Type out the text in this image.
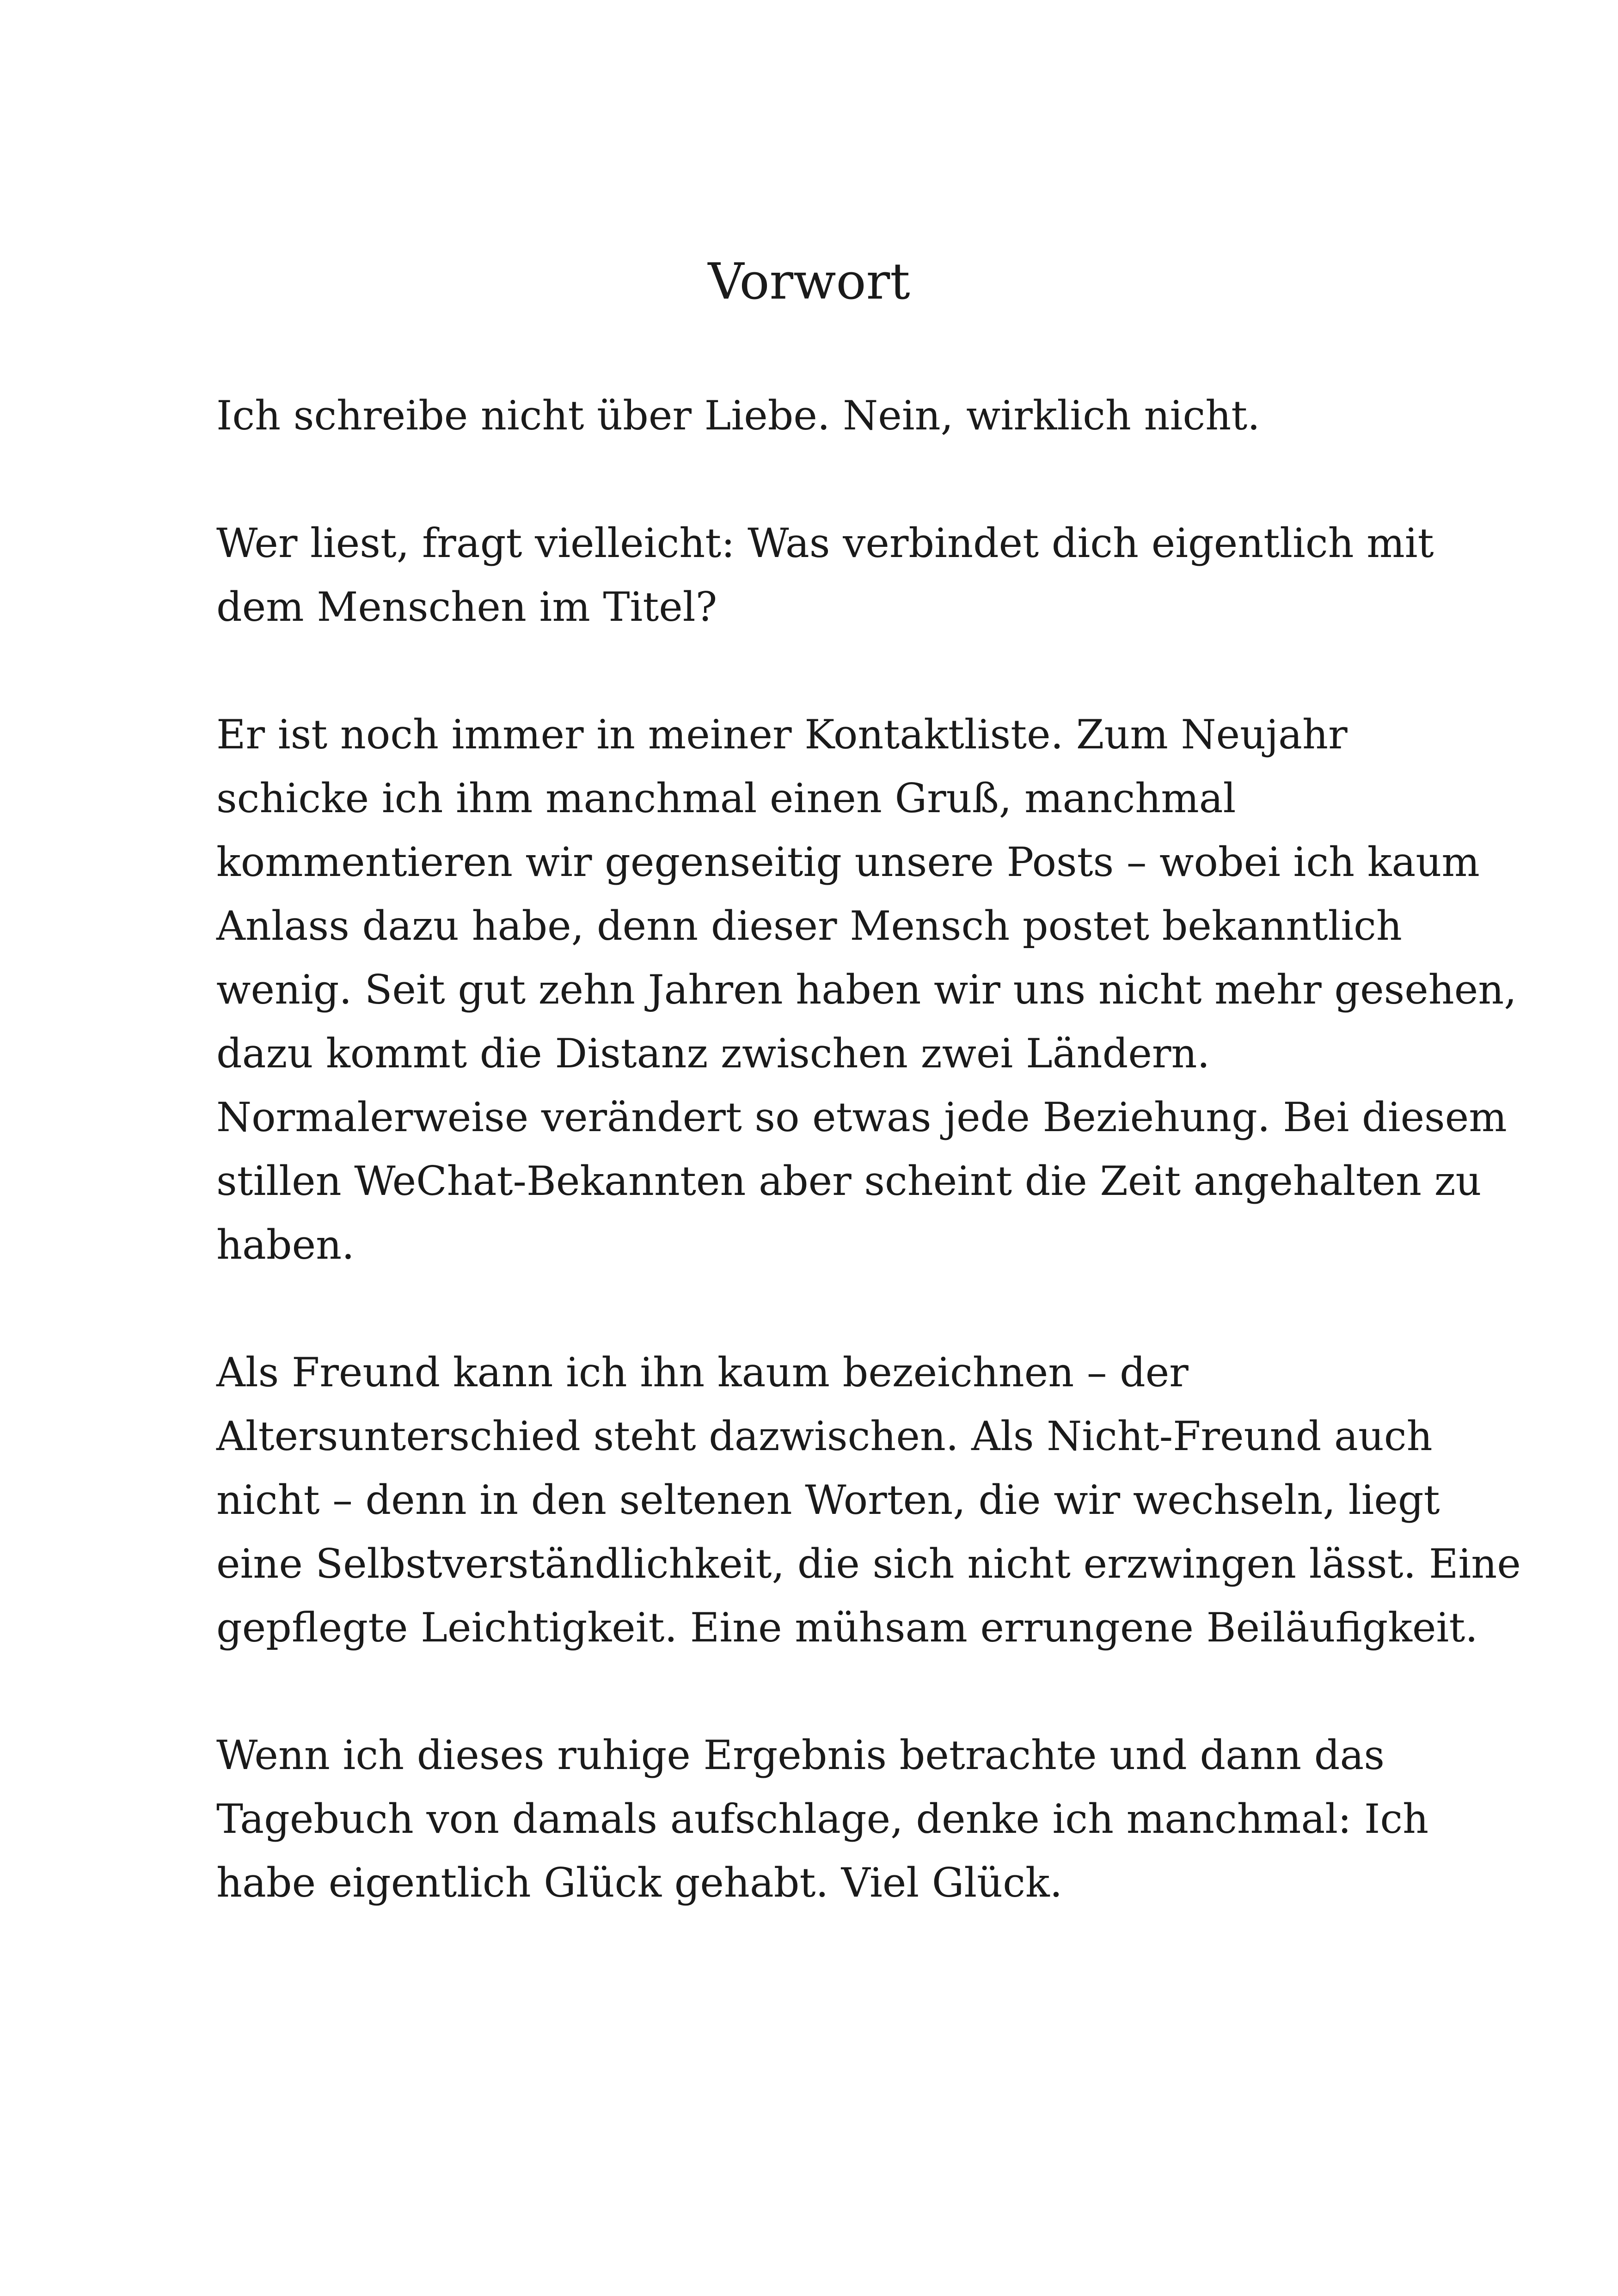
Vorwort

Ich schreibe nicht über Liebe. Nein, wirklich nicht.

Wer liest, fragt vielleicht: Was verbindet dich eigentlich mit
dem Menschen im Titel?

Er ist noch immer in meiner Kontaktliste. Zum Neujahr
schicke ich ihm manchmal einen Gruß, manchmal
kommentieren wir gegenseitig unsere Posts – wobei ich kaum
Anlass dazu habe, denn dieser Mensch postet bekanntlich
wenig. Seit gut zehn Jahren haben wir uns nicht mehr gesehen,
dazu kommt die Distanz zwischen zwei Ländern.
Normalerweise verändert so etwas jede Beziehung. Bei diesem
stillen WeChat-Bekannten aber scheint die Zeit angehalten zu
haben.

Als Freund kann ich ihn kaum bezeichnen – der
Altersunterschied steht dazwischen. Als Nicht-Freund auch
nicht – denn in den seltenen Worten, die wir wechseln, liegt
eine Selbstverständlichkeit, die sich nicht erzwingen lässt. Eine
gepflegte Leichtigkeit. Eine mühsam errungene Beiläufigkeit.

Wenn ich dieses ruhige Ergebnis betrachte und dann das
Tagebuch von damals aufschlage, denke ich manchmal: Ich
habe eigentlich Glück gehabt. Viel Glück.
